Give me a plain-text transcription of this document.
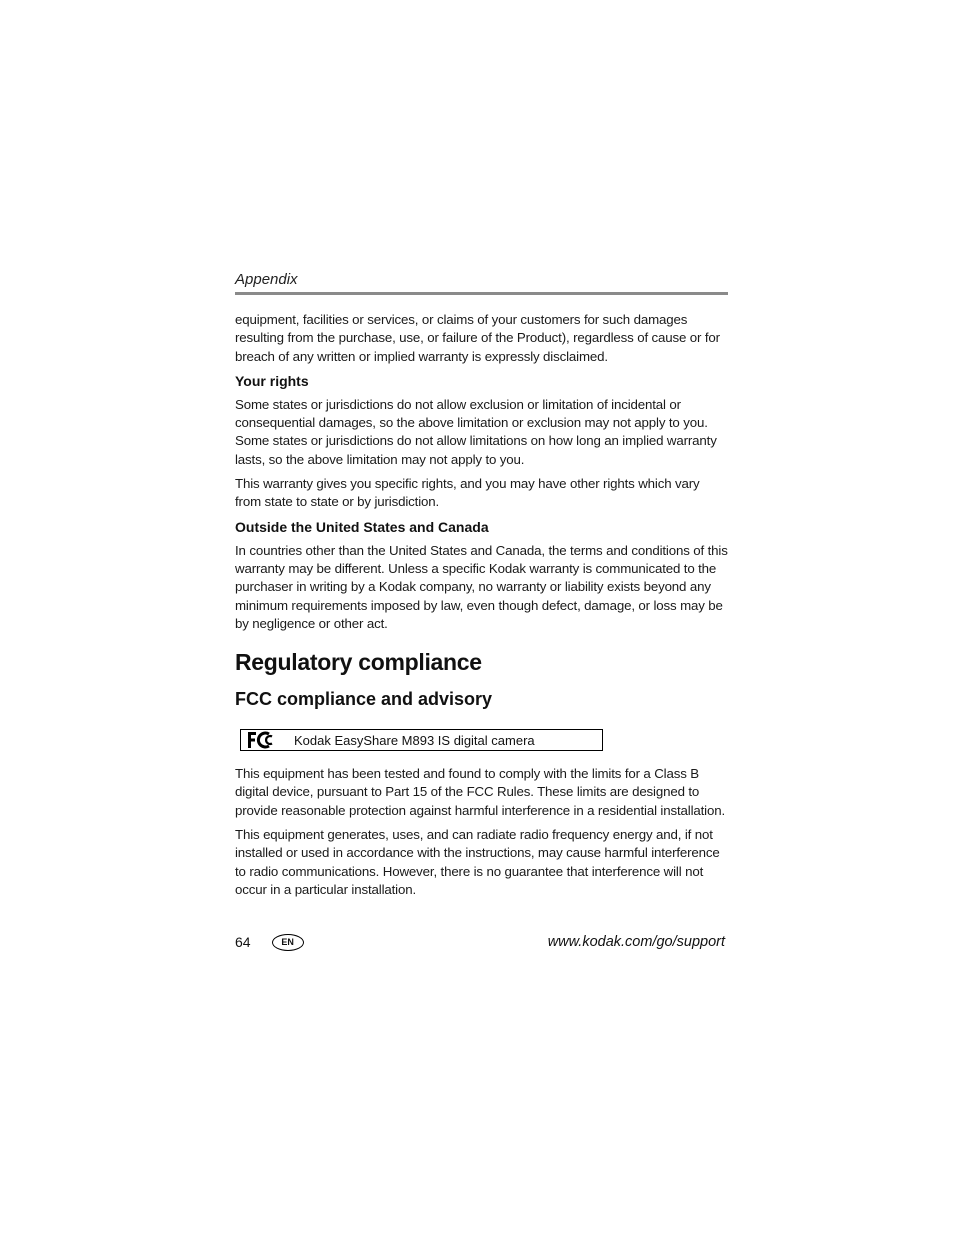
Appendix

equipment, facilities or services, or claims of your customers for such damages resulting from the purchase, use, or failure of the Product), regardless of cause or for breach of any written or implied warranty is expressly disclaimed.

Your rights

Some states or jurisdictions do not allow exclusion or limitation of incidental or consequential damages, so the above limitation or exclusion may not apply to you. Some states or jurisdictions do not allow limitations on how long an implied warranty lasts, so the above limitation may not apply to you.

This warranty gives you specific rights, and you may have other rights which vary from state to state or by jurisdiction.

Outside the United States and Canada

In countries other than the United States and Canada, the terms and conditions of this warranty may be different. Unless a specific Kodak warranty is communicated to the purchaser in writing by a Kodak company, no warranty or liability exists beyond any minimum requirements imposed by law, even though defect, damage, or loss may be by negligence or other act.

Regulatory compliance
FCC compliance and advisory
Kodak EasyShare M893 IS digital camera

This equipment has been tested and found to comply with the limits for a Class B digital device, pursuant to Part 15 of the FCC Rules. These limits are designed to provide reasonable protection against harmful interference in a residential installation.

This equipment generates, uses, and can radiate radio frequency energy and, if not installed or used in accordance with the instructions, may cause harmful interference to radio communications. However, there is no guarantee that interference will not occur in a particular installation.

64	EN	www.kodak.com/go/support
